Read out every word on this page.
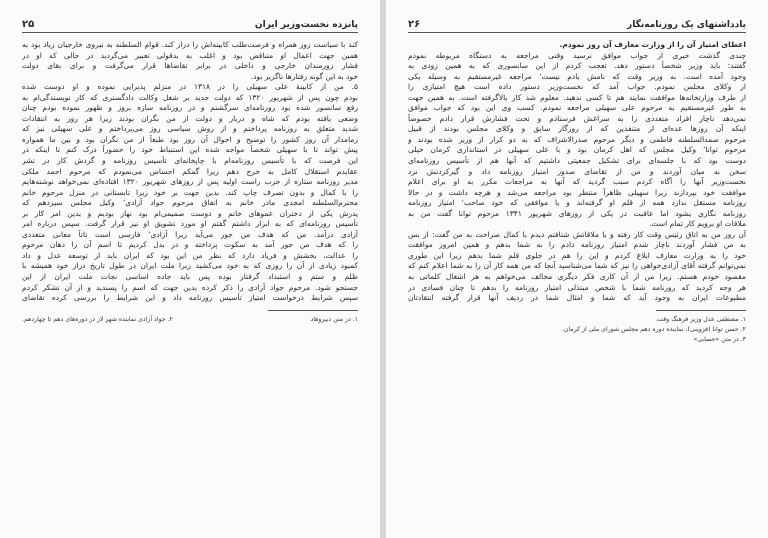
پانزده نخست‌وزیر ایران
۲۵
کند با سیاست روز همراه و فرصت‌طلب کابینه‌اش را دراز کند. قوام السلطنه به نیروی خارجیان زیاد بود به
همین جهت اعمال او متناقض بود و اغلب به بدقولی تعبیر می‌گردید در حالی که او در
فشار زورمندان خارجی و داخلی در برابر تقاضاها قرار می‌گرفت و برای بقای دولت
خود به این گونه رفتارها ناگزیر بود.
۵. من از کابینهٔ علی سهیلی را در ۱۳۱۸ در منزلم پذیرایی نموده و او دوست شده
بودم چون پس از شهریور ۱۳۲۰ که دولت جدید بر شغل وکالت دادگستری که کار نویسندگی‌ام به
رفع سانسور شده بود روزنامه‌ای سرگشتم و در روزنامه سازه بروز و ظهور نموده بودم چنان
وضعی یافته بودم که شاه و دربار و دولت از من نگران بودند زیرا هر روز به انتقادات
شدید متعلق به روزنامه پرداختم و از روش سیاسی روز می‌پرداختم و علی سهیلی نیز که
زمامدار آن روز کشور را توضیح و احوال آن روز بود طبعاً از من نگران بود و بین ما همواره
پیش تواند تا با سهیلی شخصاً مواجه شده این استنباط خود را حضوراً درک کنم تا اینکه در
این فرصت که با تأسیس روزنامه‌ام با چاپخانه‌ای تأسیس روزنامه و گردش کار در تشر
عقایدم استقلال کامل به خرج دهم زیرا گمکم احساس می‌نمودم که مرحوم احمد ملکی
مدیر روزنامه ستاره از حزب راست اولیه پس از روزهای شهریور ۱۳۲۰ افتاده‌ای نمی‌خواهد نوشته‌هایم
را با کمال و بدون تصرف چاپ کند. بدین جهت بر خود زیرا تابستانی در منزل مرحوم خانم
محترم‌السلطنه امجدی مادر خانم به اتفاق مرحوم جواد آزادی٬ وکیل مجلس سیزدهم که
پدرش یکی از دختران عموهای خانم و دوست صمیمی‌ام بود نهار بودیم و بدین امر کار بر
تأسیس روزنامه‌ای که به ابزار داشتم گفتم او مورد تشویق او نیز قرار گرفت. سپس درباره امر
آزادی درآمد. من که هدف من جور می‌آید زیرا آزادی٬ فارسی است تاتاً معانی متعددی
را که هدف من جور آمد به سکوت پرداخته و در بدل کردیم تا اسم آن را دهان مرحوم
را عدالت، بخشش و فریاد دارد که نظر من این بود که ایران باید از توسعه عدل و داد
کمبود زیادی از آن را روزی که به خود می‌کشید زیرا ملت ایران در طول تاریخ دراز خود همیشه با
ظلم و ستم و استبداد گرفتار بوده پس باید جاده اساسی نجات ملت ایران از این
جستجو شود. مرحوم جواد آزادی را ذکر کرده بدین جهت که اسم را پسندید و از آن تشکر کردم
سپس شرایط درخواست امتیاز تأسیس روزنامه داد و این شرایط را بررسی کرده تقاضای
۱. در متن دبیروهاد
۲. جواد آزادی نماینده شهر لار در دوره‌های دهم تا چهاردهم.
یادداشتهای یک روزنامه‌نگار
۲۶
اعطای امتیاز آن را از وزارت معارف آن روز نمودم.
چندی گذشت خبری از جواب موافق نرسید وقتی مراجعه به دستگاه مربوطه نمودم
گفتند: باید وزیر شخصاً دستور دهد. تعجب کردم از این سانسوری که به همین زودی به
وجود آمده است. به وزیر وقت که نامش یادم نیست٬ مراجعه غیرمستقیم به وسیله یکی
از وکلای مجلس نمودم. جواب آمد که نخست‌وزیر دستور داده است هیچ امتیازی را
از طرف وزارتخانه‌ها موافقت نمایند هم تا کسی ندهید. معلوم شد کار بالاگرفته است. به همین جهت
به طور غیرمستقیم به مرحوم علی سهیلی مراجعه نمودم. کسب وی این بود که جواب موافق
نمی‌دهد ناچار افراد متعددی را به سراغش فرستادم و تحت فشارش قرار دادم خصوصاً
اینکه آن روزها عده‌ای از متنفذین که از روزگار سابق و وکلای مجلس بودند از قبیل
مرحوم صمدالسلطنه فاطمی و دیگر مرحوم صدرالاشراف که به دو کرار از وزیر شده بودند و
مرحوم توانا٬ وکیل مجلس که اهل کرمان بود و با علی سهیلی در استانداری کرمان خیلی
دوست بود که با جلسه‌ای برای تشکیل جمعیتی داشتیم که آنها هم از تأسیس روزنامه‌ای
سخن به میان آوردند و من از تقاضای صدور امتیاز روزنامه داد و گیرکردنش نزد
نخست‌وزیر آنها را آگاه کردم سبب گردید که آنها به مراجعات مکرر به او برای اعلام
موافقت خود بپردازند زیرا سهیلی ظاهراً منتظر بود مراجعه می‌شد و هرچه داشت و در حالا
روزنامه مستقل ندارد همه از قلم او گرفته‌اند و یا موافقی که خود صاحب٬ امتیاز روزنامه
روزنامه نگاری بشود اما عاقبت در یکی از روزهای شهریور ۱۳۴۱ مرحوم توانا گفت من به
ملاقات او برویم کار تمام است.
آن روز من به اتاق رئیس وقت کار رفته و با ملاقاتش شتافتم دیدم با کمال صراحت به من گفت: از بس
به من فشار آوردند ناچار شدم امتیاز روزنامه دادم را به شما بدهم و همین امروز موافقت
خود را به وزارت معارف ابلاغ کردم و این را هم در جلوی قلم شما بدهم زیرا این طوری
نمی‌توانم گرفته آقای آزادی‌خواهی را نیز که شما می‌شناسید آنجا که من همه کار آن را به شما اعلام کنم که
مقصود خودم هستم. زیرا من از آن کاری فکر دیگری مخالف می‌خواهم به هر اشغال کلماتی به
هر وجه کردید که روزنامه شما با شخص مبتذلی امتیاز روزنامه را بدهم تا چنان فسادی در
مطبوعات ایران به وجود آید که شما و امثال شما در ردیف آنها قرار گرفته انتقادتان
۱. مصطفی عدل وزیر فرهنگ وقت.
۲. حسن توانا (قزوینی)، نماینده دوره دهم مجلس شورای ملی از کرمان.
۳. در متن «حسابی»
